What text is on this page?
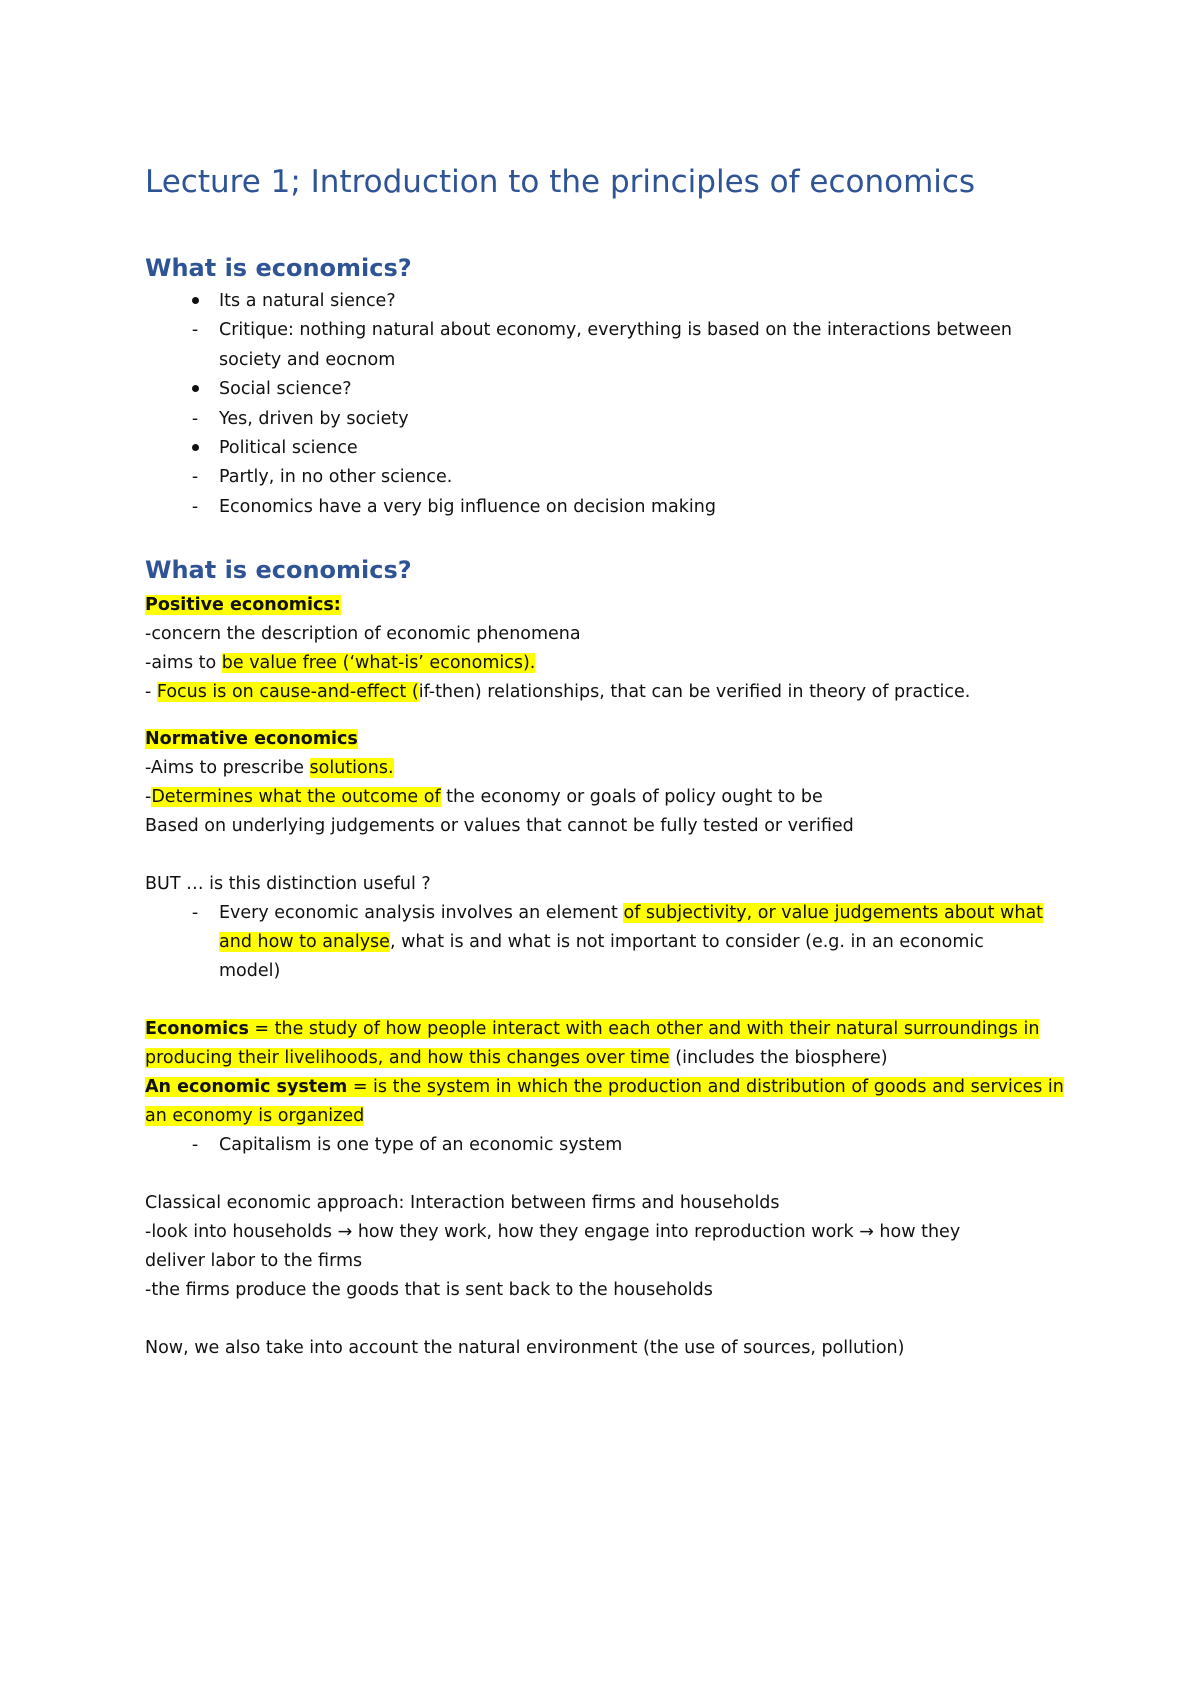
Lecture 1; Introduction to the principles of economics
What is economics?
Its a natural sience?
-	Critique: nothing natural about economy, everything is based on the interactions between
society and eocnom
Social science?
-	Yes, driven by society
Political science
-	Partly, in no other science.
-	Economics have a very big influence on decision making
What is economics?
Positive economics:
-concern the description of economic phenomena
-aims to be value free (‘what-is’ economics).
- Focus is on cause-and-effect (if-then) relationships, that can be verified in theory of practice.
Normative economics
-Aims to prescribe solutions.
-Determines what the outcome of the economy or goals of policy ought to be
Based on underlying judgements or values that cannot be fully tested or verified
BUT … is this distinction useful ?
-	Every economic analysis involves an element of subjectivity, or value judgements about what
and how to analyse, what is and what is not important to consider (e.g. in an economic
model)
Economics = the study of how people interact with each other and with their natural surroundings in
producing their livelihoods, and how this changes over time (includes the biosphere)
An economic system = is the system in which the production and distribution of goods and services in
an economy is organized
-	Capitalism is one type of an economic system
Classical economic approach: Interaction between firms and households
-look into households → how they work, how they engage into reproduction work → how they
deliver labor to the firms
-the firms produce the goods that is sent back to the households
Now, we also take into account the natural environment (the use of sources, pollution)
